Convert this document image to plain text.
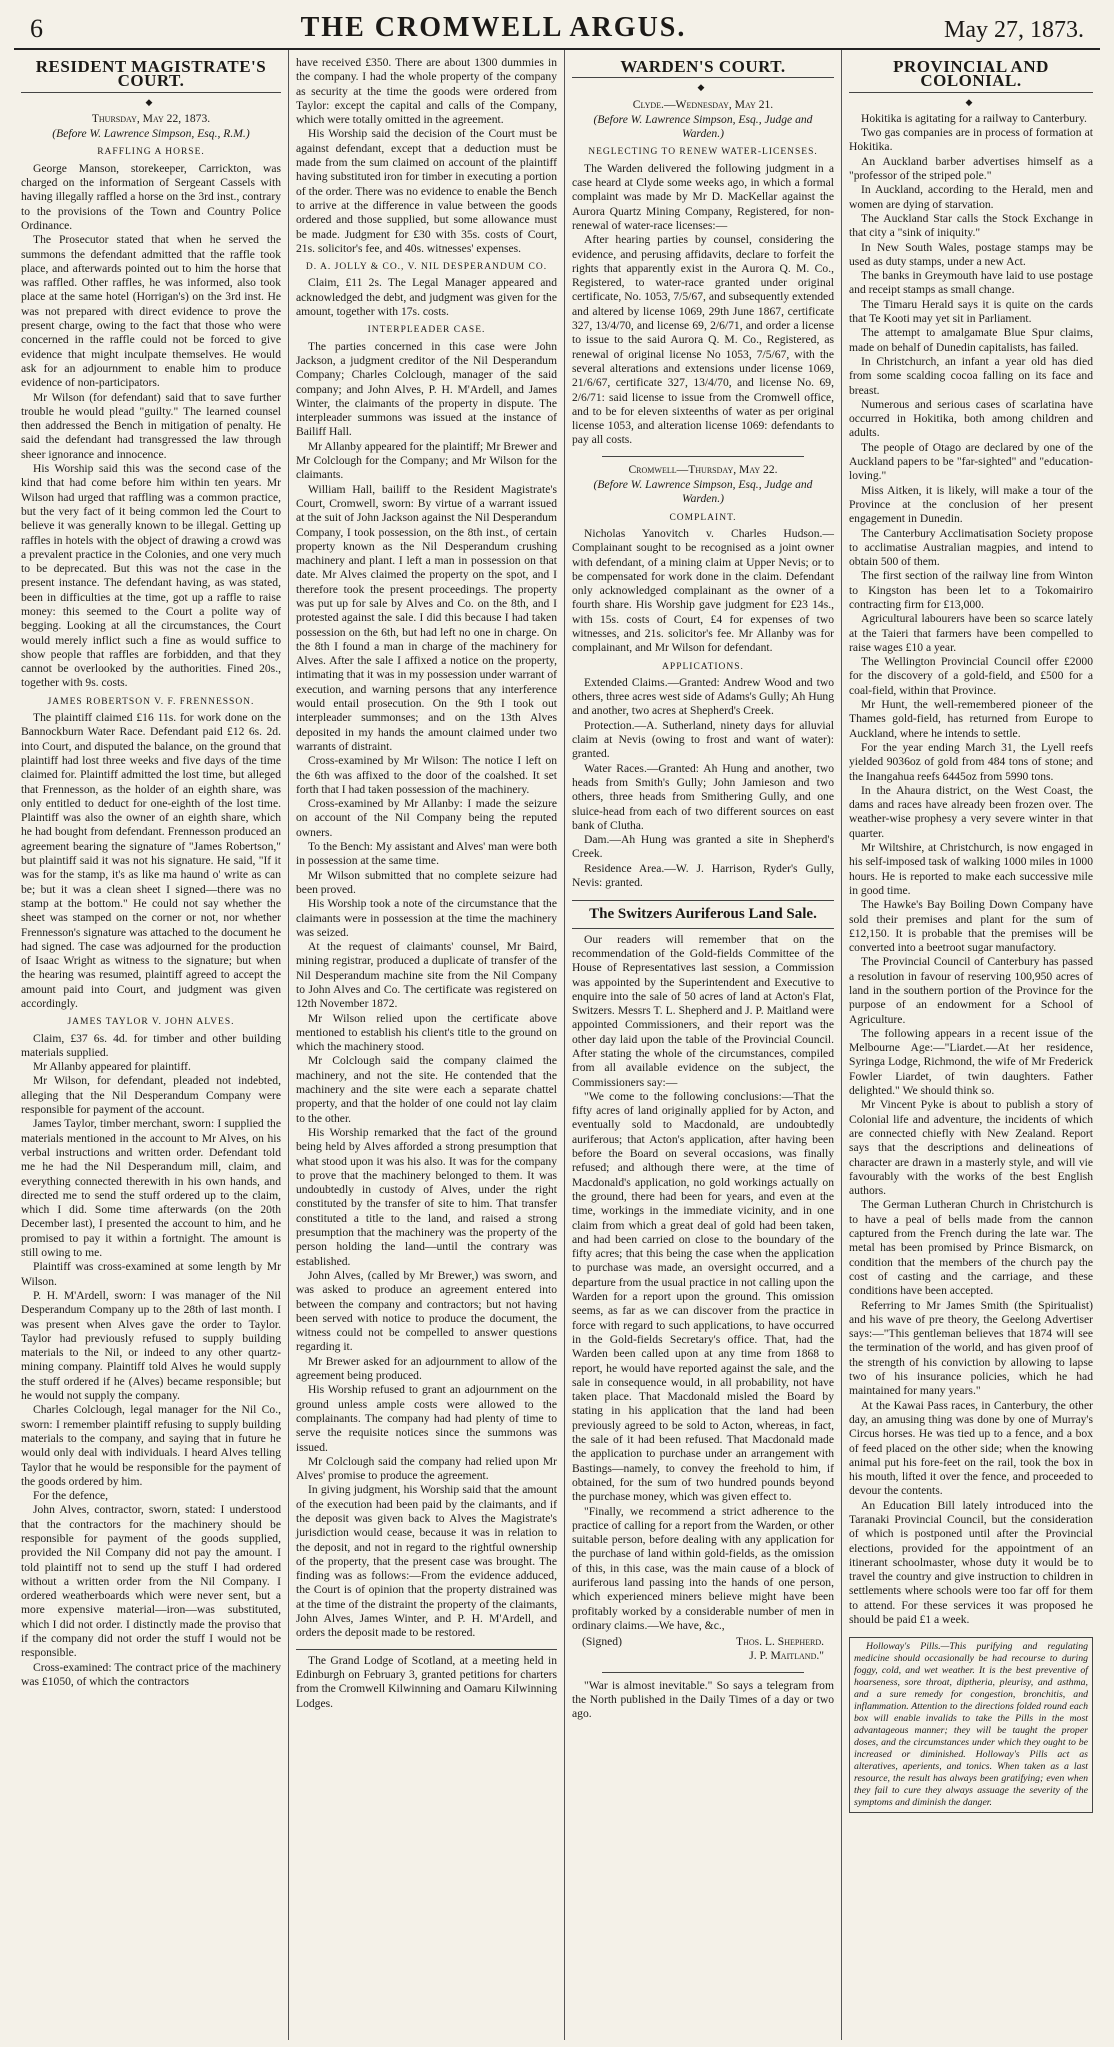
6	THE CROMWELL ARGUS.	May 27, 1873.
RESIDENT MAGISTRATE'S COURT.
◆
Thursday, May 22, 1873.
(Before W. Lawrence Simpson, Esq., R.M.)
RAFFLING A HORSE.

George Manson, storekeeper, Carrickton, was charged on the information of Sergeant Cassels with having illegally raffled a horse on the 3rd inst., contrary to the provisions of the Town and Country Police Ordinance.

The Prosecutor stated that when he served the summons the defendant admitted that the raffle took place, and afterwards pointed out to him the horse that was raffled. Other raffles, he was informed, also took place at the same hotel (Horrigan's) on the 3rd inst. He was not prepared with direct evidence to prove the present charge, owing to the fact that those who were concerned in the raffle could not be forced to give evidence that might inculpate themselves. He would ask for an adjournment to enable him to produce evidence of non-participators.

Mr Wilson (for defendant) said that to save further trouble he would plead "guilty." The learned counsel then addressed the Bench in mitigation of penalty. He said the defendant had transgressed the law through sheer ignorance and innocence.

His Worship said this was the second case of the kind that had come before him within ten years. Mr Wilson had urged that raffling was a common practice, but the very fact of it being common led the Court to believe it was generally known to be illegal. Getting up raffles in hotels with the object of drawing a crowd was a prevalent practice in the Colonies, and one very much to be deprecated. But this was not the case in the present instance. The defendant having, as was stated, been in difficulties at the time, got up a raffle to raise money: this seemed to the Court a polite way of begging. Looking at all the circumstances, the Court would merely inflict such a fine as would suffice to show people that raffles are forbidden, and that they cannot be overlooked by the authorities. Fined 20s., together with 9s. costs.

JAMES ROBERTSON V. F. FRENNESSON.

The plaintiff claimed £16 11s. for work done on the Bannockburn Water Race. Defendant paid £12 6s. 2d. into Court, and disputed the balance, on the ground that plaintiff had lost three weeks and five days of the time claimed for. Plaintiff admitted the lost time, but alleged that Frennesson, as the holder of an eighth share, was only entitled to deduct for one-eighth of the lost time. Plaintiff was also the owner of an eighth share, which he had bought from defendant. Frennesson produced an agreement bearing the signature of "James Robertson," but plaintiff said it was not his signature. He said, "If it was for the stamp, it's as like ma haund o' write as can be; but it was a clean sheet I signed—there was no stamp at the bottom." He could not say whether the sheet was stamped on the corner or not, nor whether Frennesson's signature was attached to the document he had signed. The case was adjourned for the production of Isaac Wright as witness to the signature; but when the hearing was resumed, plaintiff agreed to accept the amount paid into Court, and judgment was given accordingly.

JAMES TAYLOR V. JOHN ALVES.

Claim, £37 6s. 4d. for timber and other building materials supplied.

Mr Allanby appeared for plaintiff.

Mr Wilson, for defendant, pleaded not indebted, alleging that the Nil Desperandum Company were responsible for payment of the account.

James Taylor, timber merchant, sworn: I supplied the materials mentioned in the account to Mr Alves, on his verbal instructions and written order. Defendant told me he had the Nil Desperandum mill, claim, and everything connected therewith in his own hands, and directed me to send the stuff ordered up to the claim, which I did. Some time afterwards (on the 20th December last), I presented the account to him, and he promised to pay it within a fortnight. The amount is still owing to me.

Plaintiff was cross-examined at some length by Mr Wilson.

P. H. M'Ardell, sworn: I was manager of the Nil Desperandum Company up to the 28th of last month. I was present when Alves gave the order to Taylor. Taylor had previously refused to supply building materials to the Nil, or indeed to any other quartz-mining company. Plaintiff told Alves he would supply the stuff ordered if he (Alves) became responsible; but he would not supply the company.

Charles Colclough, legal manager for the Nil Co., sworn: I remember plaintiff refusing to supply building materials to the company, and saying that in future he would only deal with individuals. I heard Alves telling Taylor that he would be responsible for the payment of the goods ordered by him.

For the defence,

John Alves, contractor, sworn, stated: I understood that the contractors for the machinery should be responsible for payment of the goods supplied, provided the Nil Company did not pay the amount. I told plaintiff not to send up the stuff I had ordered without a written order from the Nil Company. I ordered weatherboards which were never sent, but a more expensive material—iron—was substituted, which I did not order. I distinctly made the proviso that if the company did not order the stuff I would not be responsible.

Cross-examined: The contract price of the machinery was £1050, of which the contractors

have received £350. There are about 1300 dummies in the company. I had the whole property of the company as security at the time the goods were ordered from Taylor: except the capital and calls of the Company, which were totally omitted in the agreement.

His Worship said the decision of the Court must be against defendant, except that a deduction must be made from the sum claimed on account of the plaintiff having substituted iron for timber in executing a portion of the order. There was no evidence to enable the Bench to arrive at the difference in value between the goods ordered and those supplied, but some allowance must be made. Judgment for £30 with 35s. costs of Court, 21s. solicitor's fee, and 40s. witnesses' expenses.

D. A. JOLLY & CO., V. NIL DESPERANDUM CO.

Claim, £11 2s. The Legal Manager appeared and acknowledged the debt, and judgment was given for the amount, together with 17s. costs.

INTERPLEADER CASE.

The parties concerned in this case were John Jackson, a judgment creditor of the Nil Desperandum Company; Charles Colclough, manager of the said company; and John Alves, P. H. M'Ardell, and James Winter, the claimants of the property in dispute. The interpleader summons was issued at the instance of Bailiff Hall.

Mr Allanby appeared for the plaintiff; Mr Brewer and Mr Colclough for the Company; and Mr Wilson for the claimants.

William Hall, bailiff to the Resident Magistrate's Court, Cromwell, sworn: By virtue of a warrant issued at the suit of John Jackson against the Nil Desperandum Company, I took possession, on the 8th inst., of certain property known as the Nil Desperandum crushing machinery and plant. I left a man in possession on that date. Mr Alves claimed the property on the spot, and I therefore took the present proceedings. The property was put up for sale by Alves and Co. on the 8th, and I protested against the sale. I did this because I had taken possession on the 6th, but had left no one in charge. On the 8th I found a man in charge of the machinery for Alves. After the sale I affixed a notice on the property, intimating that it was in my possession under warrant of execution, and warning persons that any interference would entail prosecution. On the 9th I took out interpleader summonses; and on the 13th Alves deposited in my hands the amount claimed under two warrants of distraint.

Cross-examined by Mr Wilson: The notice I left on the 6th was affixed to the door of the coalshed. It set forth that I had taken possession of the machinery.

Cross-examined by Mr Allanby: I made the seizure on account of the Nil Company being the reputed owners.

To the Bench: My assistant and Alves' man were both in possession at the same time.

Mr Wilson submitted that no complete seizure had been proved.

His Worship took a note of the circumstance that the claimants were in possession at the time the machinery was seized.

At the request of claimants' counsel, Mr Baird, mining registrar, produced a duplicate of transfer of the Nil Desperandum machine site from the Nil Company to John Alves and Co. The certificate was registered on 12th November 1872.

Mr Wilson relied upon the certificate above mentioned to establish his client's title to the ground on which the machinery stood.

Mr Colclough said the company claimed the machinery, and not the site. He contended that the machinery and the site were each a separate chattel property, and that the holder of one could not lay claim to the other.

His Worship remarked that the fact of the ground being held by Alves afforded a strong presumption that what stood upon it was his also. It was for the company to prove that the machinery belonged to them. It was undoubtedly in custody of Alves, under the right constituted by the transfer of site to him. That transfer constituted a title to the land, and raised a strong presumption that the machinery was the property of the person holding the land—until the contrary was established.

John Alves, (called by Mr Brewer,) was sworn, and was asked to produce an agreement entered into between the company and contractors; but not having been served with notice to produce the document, the witness could not be compelled to answer questions regarding it.

Mr Brewer asked for an adjournment to allow of the agreement being produced.

His Worship refused to grant an adjournment on the ground unless ample costs were allowed to the complainants. The company had had plenty of time to serve the requisite notices since the summons was issued.

Mr Colclough said the company had relied upon Mr Alves' promise to produce the agreement.

In giving judgment, his Worship said that the amount of the execution had been paid by the claimants, and if the deposit was given back to Alves the Magistrate's jurisdiction would cease, because it was in relation to the deposit, and not in regard to the rightful ownership of the property, that the present case was brought. The finding was as follows:—From the evidence adduced, the Court is of opinion that the property distrained was at the time of the distraint the property of the claimants, John Alves, James Winter, and P. H. M'Ardell, and orders the deposit made to be restored.

The Grand Lodge of Scotland, at a meeting held in Edinburgh on February 3, granted petitions for charters from the Cromwell Kilwinning and Oamaru Kilwinning Lodges.

WARDEN'S COURT.
◆
Clyde.—Wednesday, May 21.
(Before W. Lawrence Simpson, Esq., Judge and Warden.)
NEGLECTING TO RENEW WATER-LICENSES.

The Warden delivered the following judgment in a case heard at Clyde some weeks ago, in which a formal complaint was made by Mr D. MacKellar against the Aurora Quartz Mining Company, Registered, for non-renewal of water-race licenses:—

After hearing parties by counsel, considering the evidence, and perusing affidavits, declare to forfeit the rights that apparently exist in the Aurora Q. M. Co., Registered, to water-race granted under original certificate, No. 1053, 7/5/67, and subsequently extended and altered by license 1069, 29th June 1867, certificate 327, 13/4/70, and license 69, 2/6/71, and order a license to issue to the said Aurora Q. M. Co., Registered, as renewal of original license No 1053, 7/5/67, with the several alterations and extensions under license 1069, 21/6/67, certificate 327, 13/4/70, and license No. 69, 2/6/71: said license to issue from the Cromwell office, and to be for eleven sixteenths of water as per original license 1053, and alteration license 1069: defendants to pay all costs.

Cromwell—Thursday, May 22.
(Before W. Lawrence Simpson, Esq., Judge and Warden.)
COMPLAINT.

Nicholas Yanovitch v. Charles Hudson.—Complainant sought to be recognised as a joint owner with defendant, of a mining claim at Upper Nevis; or to be compensated for work done in the claim. Defendant only acknowledged complainant as the owner of a fourth share. His Worship gave judgment for £23 14s., with 15s. costs of Court, £4 for expenses of two witnesses, and 21s. solicitor's fee. Mr Allanby was for complainant, and Mr Wilson for defendant.

APPLICATIONS.

Extended Claims.—Granted: Andrew Wood and two others, three acres west side of Adams's Gully; Ah Hung and another, two acres at Shepherd's Creek.

Protection.—A. Sutherland, ninety days for alluvial claim at Nevis (owing to frost and want of water): granted.

Water Races.—Granted: Ah Hung and another, two heads from Smith's Gully; John Jamieson and two others, three heads from Smithering Gully, and one sluice-head from each of two different sources on east bank of Clutha.

Dam.—Ah Hung was granted a site in Shepherd's Creek.

Residence Area.—W. J. Harrison, Ryder's Gully, Nevis: granted.

The Switzers Auriferous Land Sale.

Our readers will remember that on the recommendation of the Gold-fields Committee of the House of Representatives last session, a Commission was appointed by the Superintendent and Executive to enquire into the sale of 50 acres of land at Acton's Flat, Switzers. Messrs T. L. Shepherd and J. P. Maitland were appointed Commissioners, and their report was the other day laid upon the table of the Provincial Council. After stating the whole of the circumstances, compiled from all available evidence on the subject, the Commissioners say:—

"We come to the following conclusions:—That the fifty acres of land originally applied for by Acton, and eventually sold to Macdonald, are undoubtedly auriferous; that Acton's application, after having been before the Board on several occasions, was finally refused; and although there were, at the time of Macdonald's application, no gold workings actually on the ground, there had been for years, and even at the time, workings in the immediate vicinity, and in one claim from which a great deal of gold had been taken, and had been carried on close to the boundary of the fifty acres; that this being the case when the application to purchase was made, an oversight occurred, and a departure from the usual practice in not calling upon the Warden for a report upon the ground. This omission seems, as far as we can discover from the practice in force with regard to such applications, to have occurred in the Gold-fields Secretary's office. That, had the Warden been called upon at any time from 1868 to report, he would have reported against the sale, and the sale in consequence would, in all probability, not have taken place. That Macdonald misled the Board by stating in his application that the land had been previously agreed to be sold to Acton, whereas, in fact, the sale of it had been refused. That Macdonald made the application to purchase under an arrangement with Bastings—namely, to convey the freehold to him, if obtained, for the sum of two hundred pounds beyond the purchase money, which was given effect to.

"Finally, we recommend a strict adherence to the practice of calling for a report from the Warden, or other suitable person, before dealing with any application for the purchase of land within gold-fields, as the omission of this, in this case, was the main cause of a block of auriferous land passing into the hands of one person, which experienced miners believe might have been profitably worked by a considerable number of men in ordinary claims.—We have, &c.,

(Signed)	Thos. L. Shepherd.
J. P. Maitland."

"War is almost inevitable." So says a telegram from the North published in the Daily Times of a day or two ago.

PROVINCIAL AND COLONIAL.
◆

Hokitika is agitating for a railway to Canterbury.

Two gas companies are in process of formation at Hokitika.

An Auckland barber advertises himself as a "professor of the striped pole."

In Auckland, according to the Herald, men and women are dying of starvation.

The Auckland Star calls the Stock Exchange in that city a "sink of iniquity."

In New South Wales, postage stamps may be used as duty stamps, under a new Act.

The banks in Greymouth have laid to use postage and receipt stamps as small change.

The Timaru Herald says it is quite on the cards that Te Kooti may yet sit in Parliament.

The attempt to amalgamate Blue Spur claims, made on behalf of Dunedin capitalists, has failed.

In Christchurch, an infant a year old has died from some scalding cocoa falling on its face and breast.

Numerous and serious cases of scarlatina have occurred in Hokitika, both among children and adults.

The people of Otago are declared by one of the Auckland papers to be "far-sighted" and "education-loving."

Miss Aitken, it is likely, will make a tour of the Province at the conclusion of her present engagement in Dunedin.

The Canterbury Acclimatisation Society propose to acclimatise Australian magpies, and intend to obtain 500 of them.

The first section of the railway line from Winton to Kingston has been let to a Tokomairiro contracting firm for £13,000.

Agricultural labourers have been so scarce lately at the Taieri that farmers have been compelled to raise wages £10 a year.

The Wellington Provincial Council offer £2000 for the discovery of a gold-field, and £500 for a coal-field, within that Province.

Mr Hunt, the well-remembered pioneer of the Thames gold-field, has returned from Europe to Auckland, where he intends to settle.

For the year ending March 31, the Lyell reefs yielded 9036oz of gold from 484 tons of stone; and the Inangahua reefs 6445oz from 5990 tons.

In the Ahaura district, on the West Coast, the dams and races have already been frozen over. The weather-wise prophesy a very severe winter in that quarter.

Mr Wiltshire, at Christchurch, is now engaged in his self-imposed task of walking 1000 miles in 1000 hours. He is reported to make each successive mile in good time.

The Hawke's Bay Boiling Down Company have sold their premises and plant for the sum of £12,150. It is probable that the premises will be converted into a beetroot sugar manufactory.

The Provincial Council of Canterbury has passed a resolution in favour of reserving 100,950 acres of land in the southern portion of the Province for the purpose of an endowment for a School of Agriculture.

The following appears in a recent issue of the Melbourne Age:—"Liardet.—At her residence, Syringa Lodge, Richmond, the wife of Mr Frederick Fowler Liardet, of twin daughters. Father delighted." We should think so.

Mr Vincent Pyke is about to publish a story of Colonial life and adventure, the incidents of which are connected chiefly with New Zealand. Report says that the descriptions and delineations of character are drawn in a masterly style, and will vie favourably with the works of the best English authors.

The German Lutheran Church in Christchurch is to have a peal of bells made from the cannon captured from the French during the late war. The metal has been promised by Prince Bismarck, on condition that the members of the church pay the cost of casting and the carriage, and these conditions have been accepted.

Referring to Mr James Smith (the Spiritualist) and his wave of pre theory, the Geelong Advertiser says:—"This gentleman believes that 1874 will see the termination of the world, and has given proof of the strength of his conviction by allowing to lapse two of his insurance policies, which he had maintained for many years."

At the Kawai Pass races, in Canterbury, the other day, an amusing thing was done by one of Murray's Circus horses. He was tied up to a fence, and a box of feed placed on the other side; when the knowing animal put his fore-feet on the rail, took the box in his mouth, lifted it over the fence, and proceeded to devour the contents.

An Education Bill lately introduced into the Taranaki Provincial Council, but the consideration of which is postponed until after the Provincial elections, provided for the appointment of an itinerant schoolmaster, whose duty it would be to travel the country and give instruction to children in settlements where schools were too far off for them to attend. For these services it was proposed he should be paid £1 a week.

Holloway's Pills.—This purifying and regulating medicine should occasionally be had recourse to during foggy, cold, and wet weather. It is the best preventive of hoarseness, sore throat, diptheria, pleurisy, and asthma, and a sure remedy for congestion, bronchitis, and inflammation. Attention to the directions folded round each box will enable invalids to take the Pills in the most advantageous manner; they will be taught the proper doses, and the circumstances under which they ought to be increased or diminished. Holloway's Pills act as alteratives, aperients, and tonics. When taken as a last resource, the result has always been gratifying; even when they fail to cure they always assuage the severity of the symptoms and diminish the danger.
